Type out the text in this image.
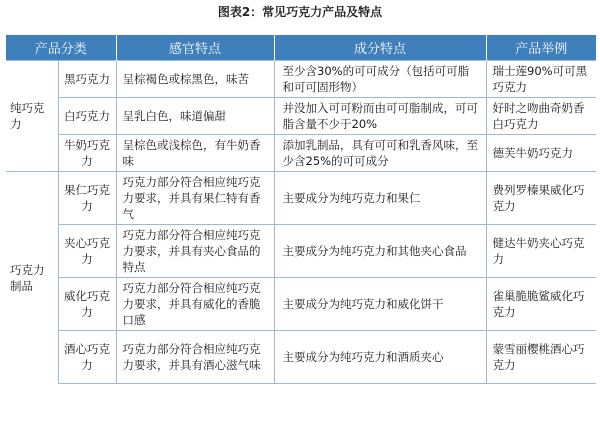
图表2：常见巧克力产品及特点
产品分类		感官特点	成分特点	产品举例
纯巧克力	黑巧克力	呈棕褐色或棕黑色，味苦	至少含30%的可可成分（包括可可脂和可可固形物）	瑞士莲90%可可黑巧克力
	白巧克力	呈乳白色，味道偏甜	并没加入可可粉而由可可脂制成，可可脂含量不少于20%	好时之吻曲奇奶香白巧克力
	牛奶巧克力	呈棕色或浅棕色，有牛奶香味	添加乳制品，具有可可和乳香风味，至少含25%的可可成分	德芙牛奶巧克力
巧克力制品	果仁巧克力	巧克力部分符合相应纯巧克力要求，并具有果仁特有香气	主要成分为纯巧克力和果仁	费列罗榛果威化巧克力
	夹心巧克力	巧克力部分符合相应纯巧克力要求，并具有夹心食品的特点	主要成分为纯巧克力和其他夹心食品	健达牛奶夹心巧克力
	威化巧克力	巧克力部分符合相应纯巧克力要求，并具有威化的香脆口感	主要成分为纯巧克力和威化饼干	雀巢脆脆鲨威化巧克力
	酒心巧克力	巧克力部分符合相应纯巧克力要求，并具有酒心滋气味	主要成分为纯巧克力和酒质夹心	蒙雪丽樱桃酒心巧克力
